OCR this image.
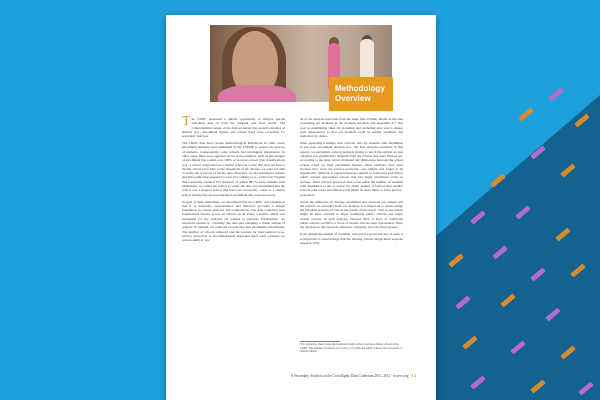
Methodology
Overview

The CRDC presented a unique opportunity to analyze special education data at both the national and state levels. The comprehensive nature of the data set meant that several variables of interest (e.g., enrollment figures and school type) were accessible for secondary analyses.

The CRDC does have certain methodological limitations. In some cases, enrollment numbers were unmarked by the USDOE to protect the privacy of students. Consequently, some schools had incomplete information. In other cases, there were apparent errors in the numbers, such as percentages of enrollment that totaled over 100% or incorrect school type classifications (e.g., a school categorized as a charter school in a state that does not have a charter school law). Due to the magnitude of the dataset, we were not able to verify the accuracy of all the data. However, we did investigate outliers and data points that appeared to lack face validity (e.g., a school in Virginia that reportedly enrolled 573 students, of which 98.7% were students with disabilities; we called the school to verify the data and determined that the school was a magnet school that had been incorrectly coded as a charter school and that the special education enrollment data were incorrect).

In spite of these limitations, we determined that the CRDC was valuable in that it is nationally representative and therefore provides a unique foundation for future analyses and comparisons. The data collection uses standardized metrics across all schools in all states, a feature which was invaluable for the analyses we wanted to perform. Furthermore, we exercised caution in "cleaning" the data and obtaining a viable sample of schools. In general, we removed records that had incomplete information. The number of schools removed and the reasons for their removal (e.g., privacy protection or incompleteness) depended upon what variables we were looking at; not

all of the analyses used data from the same files. Further details on the data processing are included in the in-depth Analysis and Appendix A.* Our goal in establishing rules for including and excluding data was to ensure total transparency so that our methods could be readily examined and replicated by others.

After separating a sample with concrete data for students with disabilities in the state enrollment analysis (i.e., the first analysis presented in this report), we performed some hypothesis testing to see if the sample we had obtained was significantly different from the schools that were filtered out. According to the tests, which evaluated any differences between the school groups based on total enrollment figures—these numbers were used because they were not privacy-protected—our sample was found to be significantly different. It appeared that the sample of traditional and charter public schools represented schools that had larger enrollment totals on average. Since privacy-protected data occur when the number of students with disabilities is ten or below for either gender, it follows that smaller schools with lower enrollment totals might be more likely to have privacy-protection.

Given the difference in average enrollment size between our sample and the schools we excluded from our analysis, it is important to acknowledge the potential presence of bias in the results of this report. That is, the results might be more relevant to larger traditional public schools and larger charter schools. In each analysis, between 80% or more of traditional public schools and 80% or more of charter schools were represented. Thus, the analyses in this report do reference a majority in both school groups.

Even though the sample of available, non-privacy-protected data is used, it is important to acknowledge that the missing schools might merit separate research. Why

*In a reference, these totals: the traditional public schools and non-charter schools in the CRDC. The number of schools were privacy of traditional public schools and a program of charter schools.
A Secondary Analysis of the Civil Rights Data Collection 2011–2012 · ncsecs.org 13
